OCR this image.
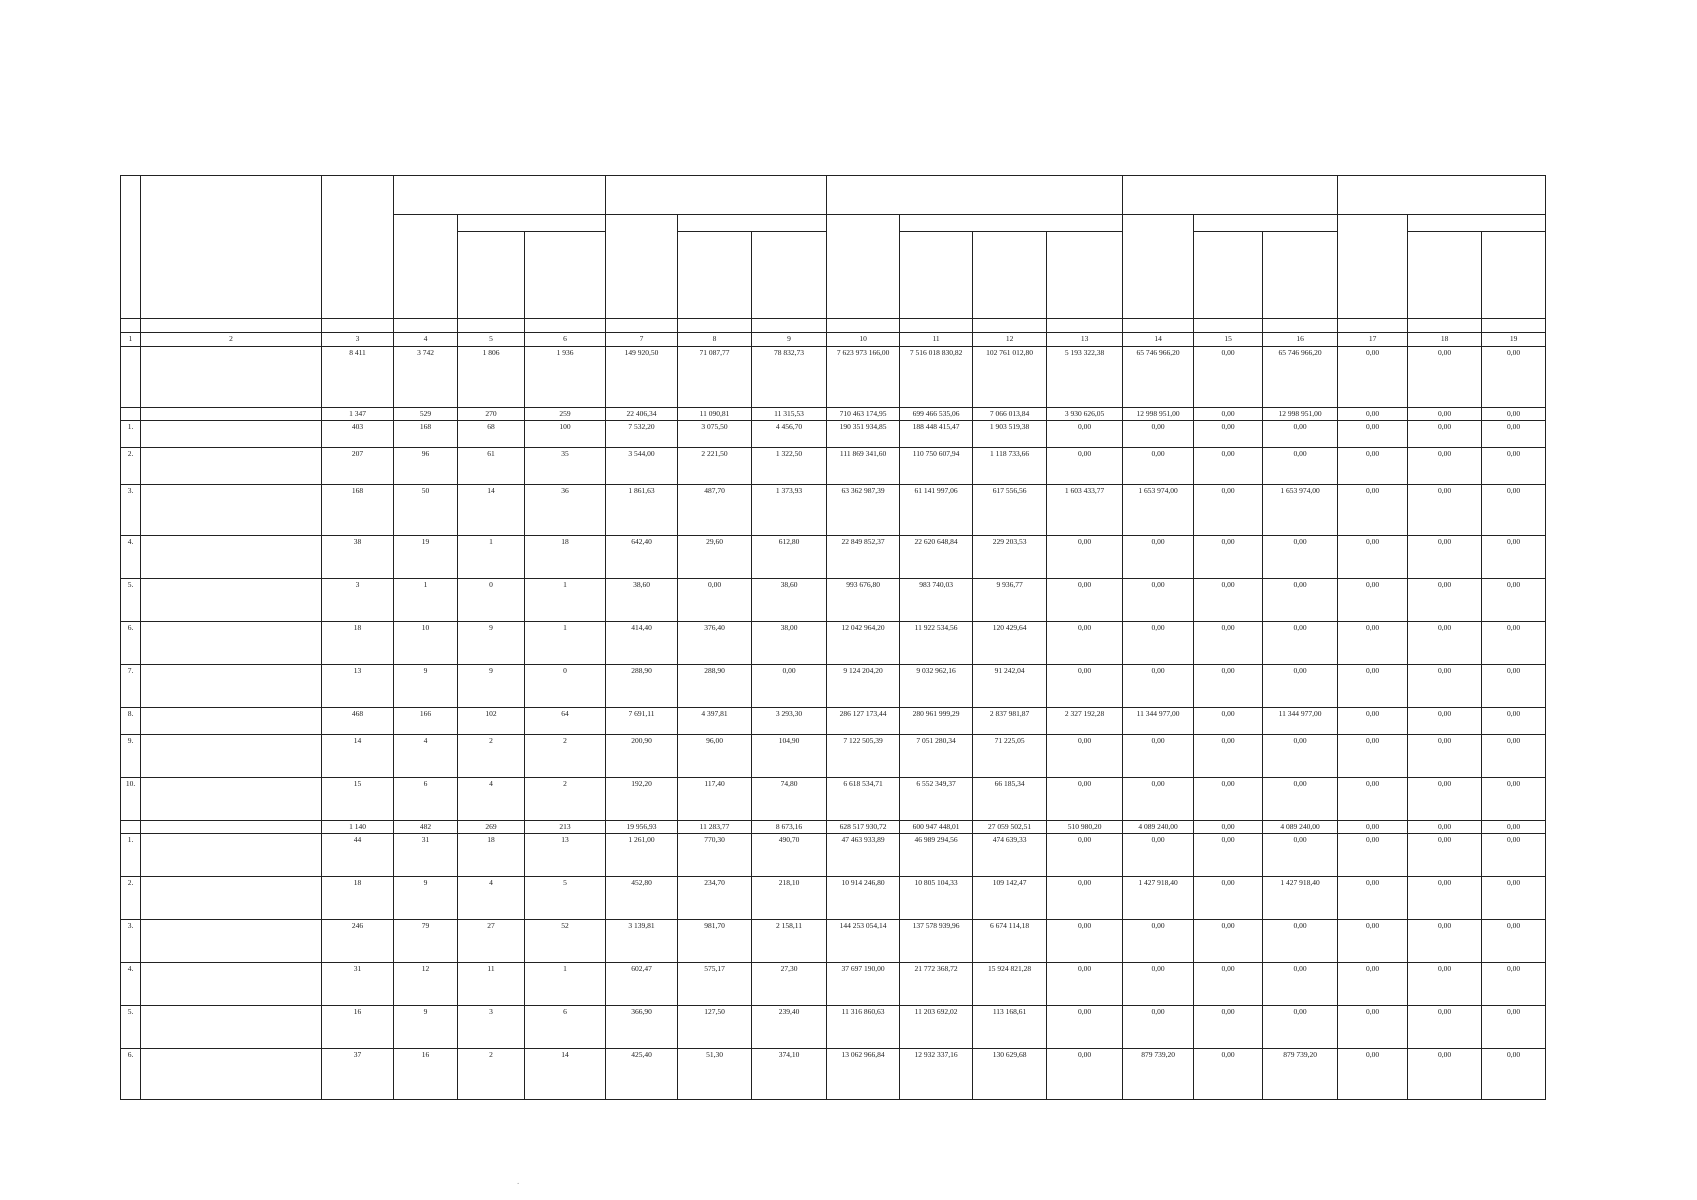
1	2	3	4	5	6	7	8	9	10	11	12	13	14	15	16	17	18	19
		8 411	3 742	1 806	1 936	149 920,50	71 087,77	78 832,73	7 623 973 166,00	7 516 018 830,82	102 761 012,80	5 193 322,38	65 746 966,20	0,00	65 746 966,20	0,00	0,00	0,00
		1 347	529	270	259	22 406,34	11 090,81	11 315,53	710 463 174,95	699 466 535,06	7 066 013,84	3 930 626,05	12 998 951,00	0,00	12 998 951,00	0,00	0,00	0,00
1.		403	168	68	100	7 532,20	3 075,50	4 456,70	190 351 934,85	188 448 415,47	1 903 519,38	0,00	0,00	0,00	0,00	0,00	0,00	0,00
2.		207	96	61	35	3 544,00	2 221,50	1 322,50	111 869 341,60	110 750 607,94	1 118 733,66	0,00	0,00	0,00	0,00	0,00	0,00	0,00
3.		168	50	14	36	1 861,63	487,70	1 373,93	63 362 987,39	61 141 997,06	617 556,56	1 603 433,77	1 653 974,00	0,00	1 653 974,00	0,00	0,00	0,00
4.		38	19	1	18	642,40	29,60	612,80	22 849 852,37	22 620 648,84	229 203,53	0,00	0,00	0,00	0,00	0,00	0,00	0,00
5.		3	1	0	1	38,60	0,00	38,60	993 676,80	983 740,03	9 936,77	0,00	0,00	0,00	0,00	0,00	0,00	0,00
6.		18	10	9	1	414,40	376,40	38,00	12 042 964,20	11 922 534,56	120 429,64	0,00	0,00	0,00	0,00	0,00	0,00	0,00
7.		13	9	9	0	288,90	288,90	0,00	9 124 204,20	9 032 962,16	91 242,04	0,00	0,00	0,00	0,00	0,00	0,00	0,00
8.		468	166	102	64	7 691,11	4 397,81	3 293,30	286 127 173,44	280 961 999,29	2 837 981,87	2 327 192,28	11 344 977,00	0,00	11 344 977,00	0,00	0,00	0,00
9.		14	4	2	2	200,90	96,00	104,90	7 122 505,39	7 051 280,34	71 225,05	0,00	0,00	0,00	0,00	0,00	0,00	0,00
10.		15	6	4	2	192,20	117,40	74,80	6 618 534,71	6 552 349,37	66 185,34	0,00	0,00	0,00	0,00	0,00	0,00	0,00
		1 140	482	269	213	19 956,93	11 283,77	8 673,16	628 517 930,72	600 947 448,01	27 059 502,51	510 980,20	4 089 240,00	0,00	4 089 240,00	0,00	0,00	0,00
1.		44	31	18	13	1 261,00	770,30	490,70	47 463 933,89	46 989 294,56	474 639,33	0,00	0,00	0,00	0,00	0,00	0,00	0,00
2.		18	9	4	5	452,80	234,70	218,10	10 914 246,80	10 805 104,33	109 142,47	0,00	1 427 918,40	0,00	1 427 918,40	0,00	0,00	0,00
3.		246	79	27	52	3 139,81	981,70	2 158,11	144 253 054,14	137 578 939,96	6 674 114,18	0,00	0,00	0,00	0,00	0,00	0,00	0,00
4.		31	12	11	1	602,47	575,17	27,30	37 697 190,00	21 772 368,72	15 924 821,28	0,00	0,00	0,00	0,00	0,00	0,00	0,00
5.		16	9	3	6	366,90	127,50	239,40	11 316 860,63	11 203 692,02	113 168,61	0,00	0,00	0,00	0,00	0,00	0,00	0,00
6.		37	16	2	14	425,40	51,30	374,10	13 062 966,84	12 932 337,16	130 629,68	0,00	879 739,20	0,00	879 739,20	0,00	0,00	0,00
.
